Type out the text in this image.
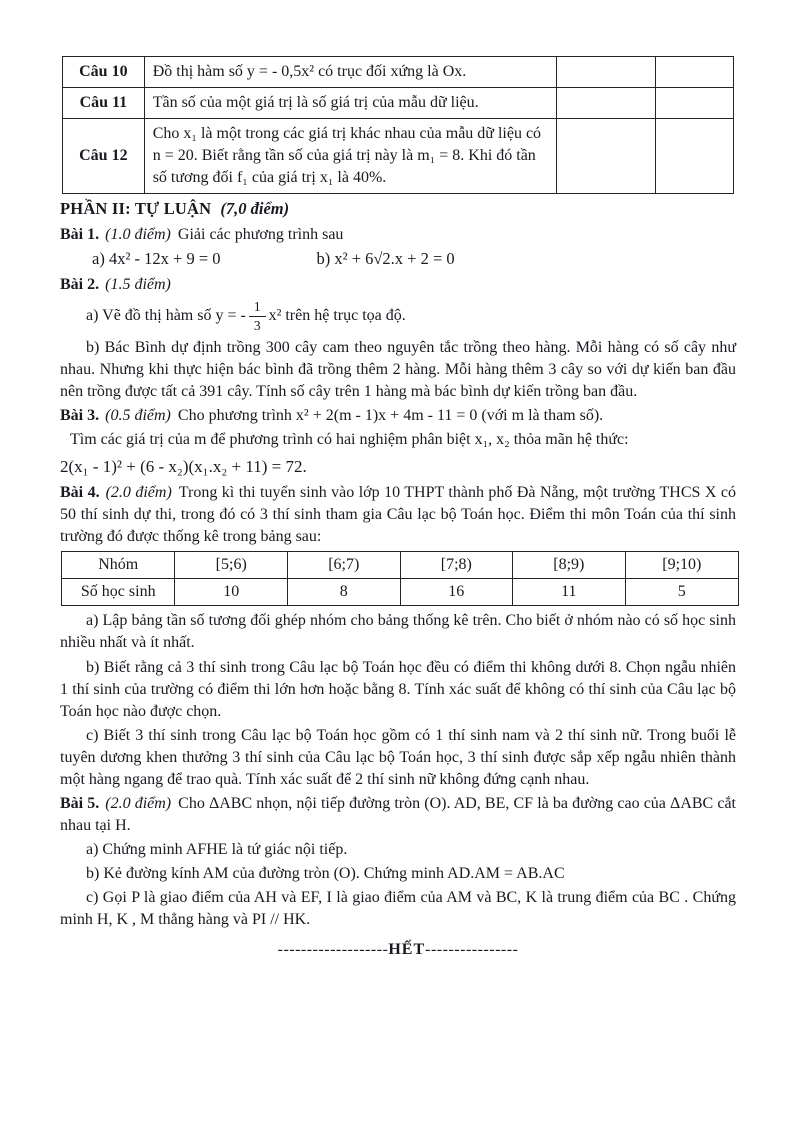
Câu 10	Đồ thị hàm số y = - 0,5x² có trục đối xứng là Ox.		
Câu 11	Tần số của một giá trị là số giá trị của mẫu dữ liệu.		
Câu 12	Cho x₁ là một trong các giá trị khác nhau của mẫu dữ liệu có n = 20. Biết rằng tần số của giá trị này là m₁ = 8. Khi đó tần số tương đối f₁ của giá trị x₁ là 40%.		

PHẦN II: TỰ LUẬN (7,0 điểm)

Bài 1. (1.0 điểm) Giải các phương trình sau

a) 4x² - 12x + 9 = 0	b) x² + 6√2.x + 2 = 0

Bài 2. (1.5 điểm)

a) Vẽ đồ thị hàm số y = - $\frac{1}{3} x^2$ trên hệ trục tọa độ.

b) Bác Bình dự định trồng 300 cây cam theo nguyên tắc trồng theo hàng. Mỗi hàng có số cây như nhau. Nhưng khi thực hiện bác bình đã trồng thêm 2 hàng. Mỗi hàng thêm 3 cây so với dự kiến ban đầu nên trồng được tất cả 391 cây. Tính số cây trên 1 hàng mà bác bình dự kiến trồng ban đầu.

Bài 3. (0.5 điểm) Cho phương trình x² + 2(m - 1)x + 4m - 11 = 0 (với m là tham số).

Tìm các giá trị của m để phương trình có hai nghiệm phân biệt x₁, x₂ thỏa mãn hệ thức:

2(x₁ - 1)² + (6 - x₂)(x₁.x₂ + 11) = 72.

Bài 4. (2.0 điểm) Trong kì thi tuyển sinh vào lớp 10 THPT thành phố Đà Nẵng, một trường THCS X có 50 thí sinh dự thi, trong đó có 3 thí sinh tham gia Câu lạc bộ Toán học. Điểm thi môn Toán của thí sinh trường đó được thống kê trong bảng sau:

Nhóm	[5;6)	[6;7)	[7;8)	[8;9)	[9;10)
Số học sinh	10	8	16	11	5

a) Lập bảng tần số tương đối ghép nhóm cho bảng thống kê trên. Cho biết ở nhóm nào có số học sinh nhiều nhất và ít nhất.

b) Biết rằng cả 3 thí sinh trong Câu lạc bộ Toán học đều có điểm thi không dưới 8. Chọn ngẫu nhiên 1 thí sinh của trường có điểm thi lớn hơn hoặc bằng 8. Tính xác suất để không có thí sinh của Câu lạc bộ Toán học nào được chọn.

c) Biết 3 thí sinh trong Câu lạc bộ Toán học gồm có 1 thí sinh nam và 2 thí sinh nữ. Trong buổi lễ tuyên dương khen thưởng 3 thí sinh của Câu lạc bộ Toán học, 3 thí sinh được sắp xếp ngẫu nhiên thành một hàng ngang để trao quà. Tính xác suất để 2 thí sinh nữ không đứng cạnh nhau.

Bài 5. (2.0 điểm) Cho ΔABC nhọn, nội tiếp đường tròn (O). AD, BE, CF là ba đường cao của ΔABC cắt nhau tại H.

a) Chứng minh AFHE là tứ giác nội tiếp.

b) Kẻ đường kính AM của đường tròn (O). Chứng minh AD.AM = AB.AC

c) Gọi P là giao điểm của AH và EF, I là giao điểm của AM và BC, K là trung điểm của BC . Chứng minh H, K , M thẳng hàng và PI // HK.

-------------------HẾT----------------
